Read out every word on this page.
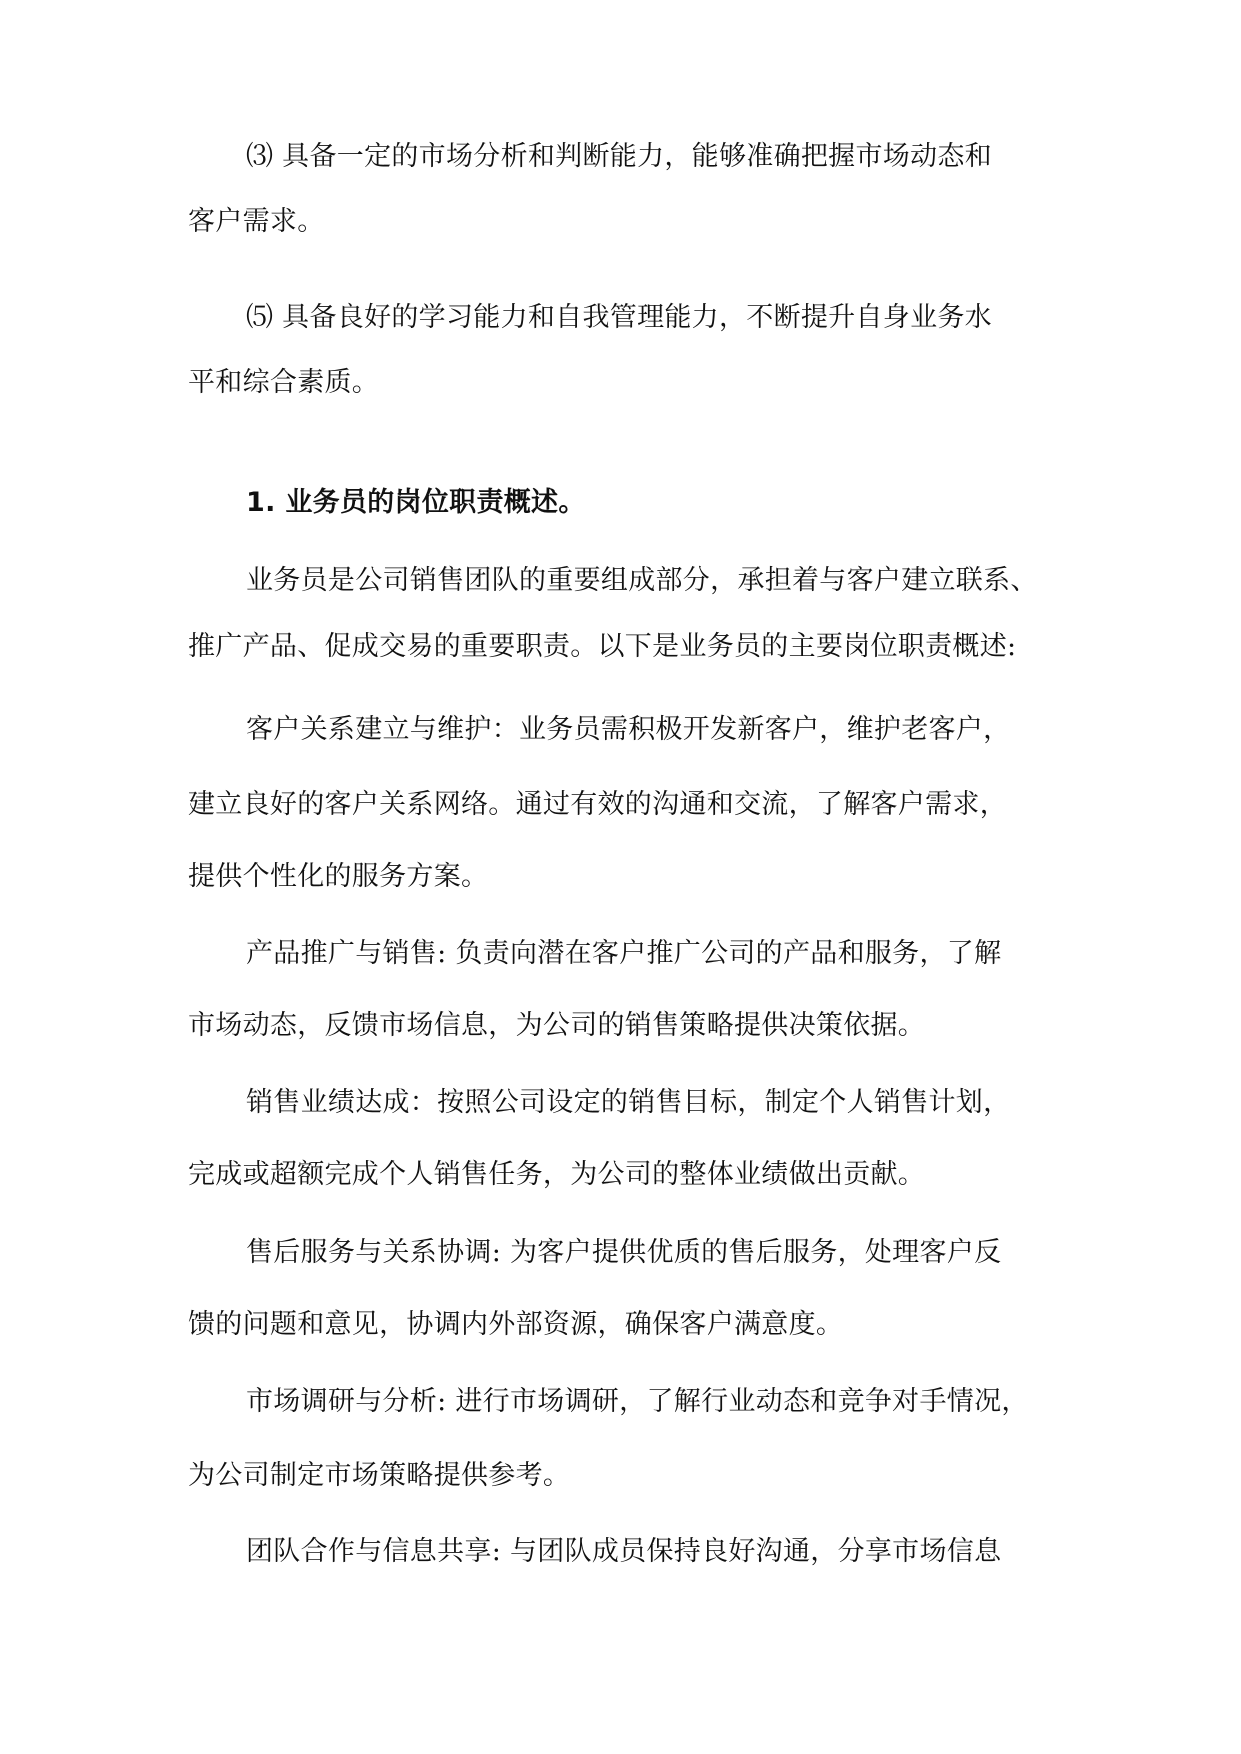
⑶ 具备一定的市场分析和判断能力，能够准确把握市场动态和
客户需求。
⑸ 具备良好的学习能力和自我管理能力，不断提升自身业务水
平和综合素质。
1. 业务员的岗位职责概述。
业务员是公司销售团队的重要组成部分，承担着与客户建立联系、
推广产品、促成交易的重要职责。以下是业务员的主要岗位职责概述:
客户关系建立与维护：业务员需积极开发新客户，维护老客户，
建立良好的客户关系网络。通过有效的沟通和交流，了解客户需求，
提供个性化的服务方案。
产品推广与销售: 负责向潜在客户推广公司的产品和服务，了解
市场动态，反馈市场信息，为公司的销售策略提供决策依据。
销售业绩达成：按照公司设定的销售目标，制定个人销售计划，
完成或超额完成个人销售任务，为公司的整体业绩做出贡献。
售后服务与关系协调: 为客户提供优质的售后服务，处理客户反
馈的问题和意见，协调内外部资源，确保客户满意度。
市场调研与分析: 进行市场调研，了解行业动态和竞争对手情况，
为公司制定市场策略提供参考。
团队合作与信息共享: 与团队成员保持良好沟通，分享市场信息
